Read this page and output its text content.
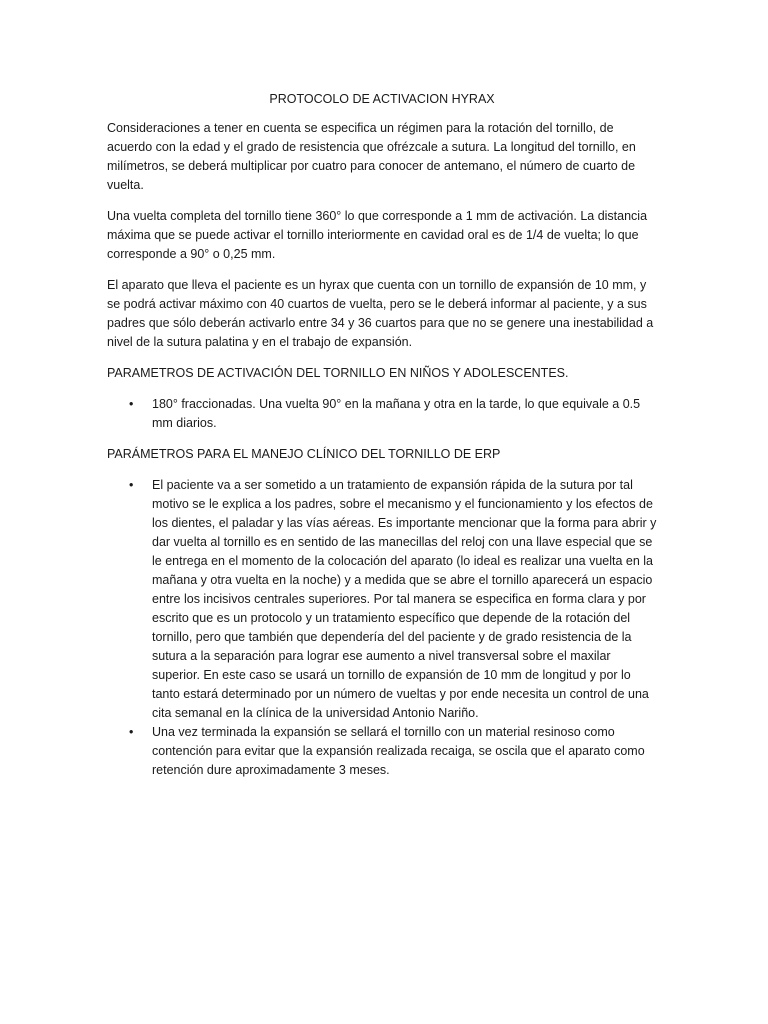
PROTOCOLO DE ACTIVACION HYRAX

Consideraciones a tener en cuenta se especifica un régimen para la rotación del tornillo, de acuerdo con la edad y el grado de resistencia que ofrézcale a sutura. La longitud del tornillo, en milímetros, se deberá multiplicar por cuatro para conocer de antemano, el número de cuarto de vuelta.

Una vuelta completa del tornillo tiene 360° lo que corresponde a 1 mm de activación. La distancia máxima que se puede activar el tornillo interiormente en cavidad oral es de 1/4 de vuelta; lo que corresponde a 90° o 0,25 mm.

El aparato que lleva el paciente es un hyrax que cuenta con un tornillo de expansión de 10 mm, y se podrá activar máximo con 40 cuartos de vuelta, pero se le deberá informar al paciente, y a sus padres que sólo deberán activarlo entre 34 y 36 cuartos para que no se genere una inestabilidad a nivel de la sutura palatina y en el trabajo de expansión.

PARAMETROS DE ACTIVACIÓN DEL TORNILLO EN NIÑOS Y ADOLESCENTES.

• 180° fraccionadas. Una vuelta 90° en la mañana y otra en la tarde, lo que equivale a 0.5 mm diarios.

PARÁMETROS PARA EL MANEJO CLÍNICO DEL TORNILLO DE ERP

• El paciente va a ser sometido a un tratamiento de expansión rápida de la sutura por tal motivo se le explica a los padres, sobre el mecanismo y el funcionamiento y los efectos de los dientes, el paladar y las vías aéreas. Es importante mencionar que la forma para abrir y dar vuelta al tornillo es en sentido de las manecillas del reloj con una llave especial que se le entrega en el momento de la colocación del aparato (lo ideal es realizar una vuelta en la mañana y otra vuelta en la noche) y a medida que se abre el tornillo aparecerá un espacio entre los incisivos centrales superiores. Por tal manera se especifica en forma clara y por escrito que es un protocolo y un tratamiento específico que depende de la rotación del tornillo, pero que también que dependería del del paciente y de grado resistencia de la sutura a la separación para lograr ese aumento a nivel transversal sobre el maxilar superior. En este caso se usará un tornillo de expansión de 10 mm de longitud y por lo tanto estará determinado por un número de vueltas y por ende necesita un control de una cita semanal en la clínica de la universidad Antonio Nariño.
• Una vez terminada la expansión se sellará el tornillo con un material resinoso como contención para evitar que la expansión realizada recaiga, se oscila que el aparato como retención dure aproximadamente 3 meses.
